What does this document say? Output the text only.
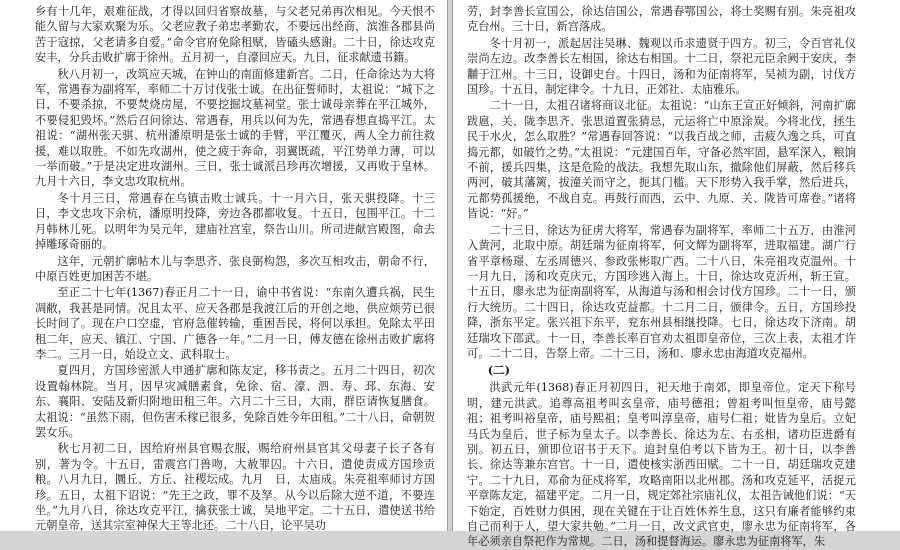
乡有十几年，艰难征战，才得以回归省察故墓，与父老兄弟再次相见。今天恨不能久留与大家欢聚为乐。父老应教子弟忠孝勤农，不要远出经商，滨淮各郡县尚苦于寇掠，父老请多自爱。”命令官府免除租赋，皆磕头感谢。二十日，徐达攻克安丰，分兵击败扩廓于徐州。五月初一，自濠回应天。九日，征求献遗书籍。

秋八月初一，改筑应天城，在钟山的南面修建新宫。二日，任命徐达为大将军，常遇春为副将军，率师二十万讨伐张士诚。在出征誓师时，太祖说：“城下之日，不要杀掠，不要焚烧房屋，不要挖掘坟墓祠堂。张士诚母亲葬在平江城外，不要侵犯毁坏。”然后召问徐达、常遇春，用兵以何为先，常遇春想直捣平江。太祖说：“湖州张天骐、杭州潘原明是张士诚的手臂，平江覆灭，两人全力前往救援，难以取胜。不如先攻湖州，使之疲于奔命，羽翼既疏，平江势单力薄，可以一举而破。”于是决定进攻湖州。三日，张士诚派吕珍再次增援，又再败于皇林。九月十六日，李文忠攻取杭州。

冬十月三日，常遇春在乌镇击败士诚兵。十一月六日，张天骐投降。十三日，李文忠攻下余杭，潘原明投降，旁边各郡都收复。十五日，包围平江。十二月韩林儿死。以明年为吴元年，建庙社宫室，祭告山川。所司进献宫殿图，命去掉雕琢奇丽的。

这年，元朝扩廓帖木儿与李思齐、张良弼构怨，多次互相攻击，朝命不行，中原百姓更加困苦不堪。

至正二十七年(1367)春正月二十一日，谕中书省说：“东南久遭兵祸，民生凋敝，我甚是同情。况且太平、应天各郡是我渡江后的开创之地，供应烦劳已很长时间了。现在户口空虚，官府急催转输，重困吾民，将何以承担。免除太平田租二年，应天、镇江、宁国、广德各一年。”二月一日，傅友德在徐州击败扩廓将李二。三月一日，始设立文、武科取士。

夏四月，方国珍密派人申通扩廓和陈友定，移书责之。五月二十四日，初次设置翰林院。当月，因早灾减膳素食，免徐、宿、濠、泗、寿、邳、东海、安东、襄阳、安陆及新归附地田租三年。六月二十三日，大雨，群臣请恢复膳食。太祖说：“虽然下雨，但伤害禾稼已很多，免除百姓今年田租。”二十八日，命朝贺罢女乐。

秋七月初二日，因给府州县官赐衣服，赐给府州县官其父母妻子长子各有别，著为令。十五日，雷震宫门兽吻，大赦罪囚。十六日，遣使责成方国珍贡粮。八月九日，圜丘、方丘、社稷坛成。九月　日，太庙成。朱亮祖率师讨方国珍。五日，太祖下诏说：“先王之政，罪不及孥。从今以后除大逆不道，不要连坐。”九月八日，徐达攻克平江，擒获张士诚，吴地平定。二十五日，遣使送书给元朝皇帝，送其宗室神保大王等北还。二十八日，论平吴功

劳，封李善长宣国公，徐达信国公，常遇春鄂国公，将士奖赐有别。朱亮祖攻克台州。三十日，新宫落成。

冬十月初一，派起居注吴琳、魏观以币求遗贤于四方。初三，令百官礼仪崇尚左边。改李善长左相国，徐达右相国。十二日，祭祀元臣余阙于安庆，李黼于江州。十三日，设御史台。十四日，汤和为征南将军，吴祯为副，讨伐方国珍。十五日，制定律令。十九日，正郊社、太庙雅乐。

二十一日，太祖召诸将商议北征。太祖说：“山东王宣正好倾斜，河南扩廓跋扈，关、陇李思齐、张思道置张猜忌，元运将亡中原涂炭。今将北伐，拯生民于水火，怎么取胜？”常遇春回答说：“以我百战之师，击疲久逸之兵，可直捣元都，如破竹之势。”太祖说：“元建国百年，守备必然牢固，悬军深入，粮饷不前，援兵四集，这是危险的战法。我想先取山东，撤除他们屏蔽，然后移兵两河，破其藩篱，拔潼关而守之，扼其门槛。天下形势入我手掌，然后进兵，元都势孤援绝，不战自克。再鼓行而西，云中、九原、关、陇皆可席卷。”诸将皆说：“好。”

二十三日，徐达为征虏大将军，常遇春为副将军，率师二十五万，由淮河入黄河，北取中原。胡廷瑞为征南将军，何文辉为副将军，进取福建。湖广行省平章杨璟、左丞周德兴、参政张彬取广西。二十八日，朱亮祖攻克温州。十一月九日，汤和攻克庆元，方国珍逃入海上。十日，徐达攻克沂州，斩王宣。十五日，廖永忠为征南副将军，从海道与汤和相会讨伐方国珍。二十一日，颁行大统历。二十四日，徐达攻克益都。十二月二日，颁律令。五日，方国珍投降，浙东平定。张兴祖下东平，兖东州县相继投降。七日，徐达攻下济南。胡廷瑞攻下邵武。十一日，李善长率百官劝太祖即皇帝位，三次上表，太祖才许可。二十二日，告祭上帝。二十三日，汤和、廖永忠由海道攻克福州。

(二)

洪武元年(1368)春正月初四日，祀天地于南郊，即皇帝位。定天下称号明，建元洪武。追尊高祖考叫玄皇帝，庙号德祖；曾祖考叫恒皇帝，庙号懿祖；祖考叫裕皇帝，庙号熙祖；皇考叫淳皇帝，庙号仁祖；妣皆为皇后。立妃马氏为皇后，世子标为皇太子。以李善长、徐达为左、右丞相，诸功臣进爵有别。初五日，颁即位诏书于天下。追封皇伯考以下皆为王。初十日，以李善长、徐达等兼东宫官。十一日，遣使核实浙西田赋。二十一日，胡廷瑞攻克建宁。二十九日，邓俞为征戍将军，攻略南阳以北州郡。汤和攻克延平，活捉元平章陈友定，福建平定。二月一日，规定郊社宗庙礼仪，太祖告诫他们说：“天下始定，百姓财力俱困，现在关键在于让百姓休养生息，这只有廉者能够约束自己而利于人，望大家共勉。”二月一日，改文武官吏，廖永忠为征南将军，各年必须亲自祭祀作为常规。二日，汤和提督海运。廖永忠为征南将军，朱
